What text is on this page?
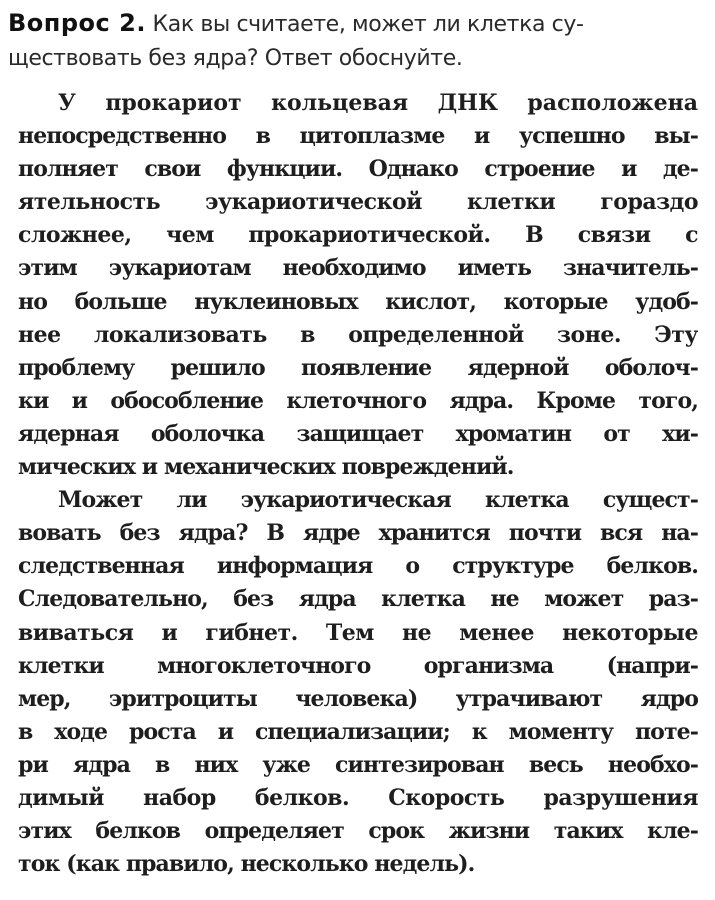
Вопрос 2. Как вы считаете, может ли клетка су-
ществовать без ядра? Ответ обоснуйте.
У прокариот кольцевая ДНК расположена
непосредственно в цитоплазме и успешно вы-
полняет свои функции. Однако строение и де-
ятельность эукариотической клетки гораздо
сложнее, чем прокариотической. В связи с
этим эукариотам необходимо иметь значитель-
но больше нуклеиновых кислот, которые удоб-
нее локализовать в определенной зоне. Эту
проблему решило появление ядерной оболоч-
ки и обособление клеточного ядра. Кроме того,
ядерная оболочка защищает хроматин от хи-
мических и механических повреждений.
Может ли эукариотическая клетка сущест-
вовать без ядра? В ядре хранится почти вся на-
следственная информация о структуре белков.
Следовательно, без ядра клетка не может раз-
виваться и гибнет. Тем не менее некоторые
клетки многоклеточного организма (напри-
мер, эритроциты человека) утрачивают ядро
в ходе роста и специализации; к моменту поте-
ри ядра в них уже синтезирован весь необхо-
димый набор белков. Скорость разрушения
этих белков определяет срок жизни таких кле-
ток (как правило, несколько недель).
